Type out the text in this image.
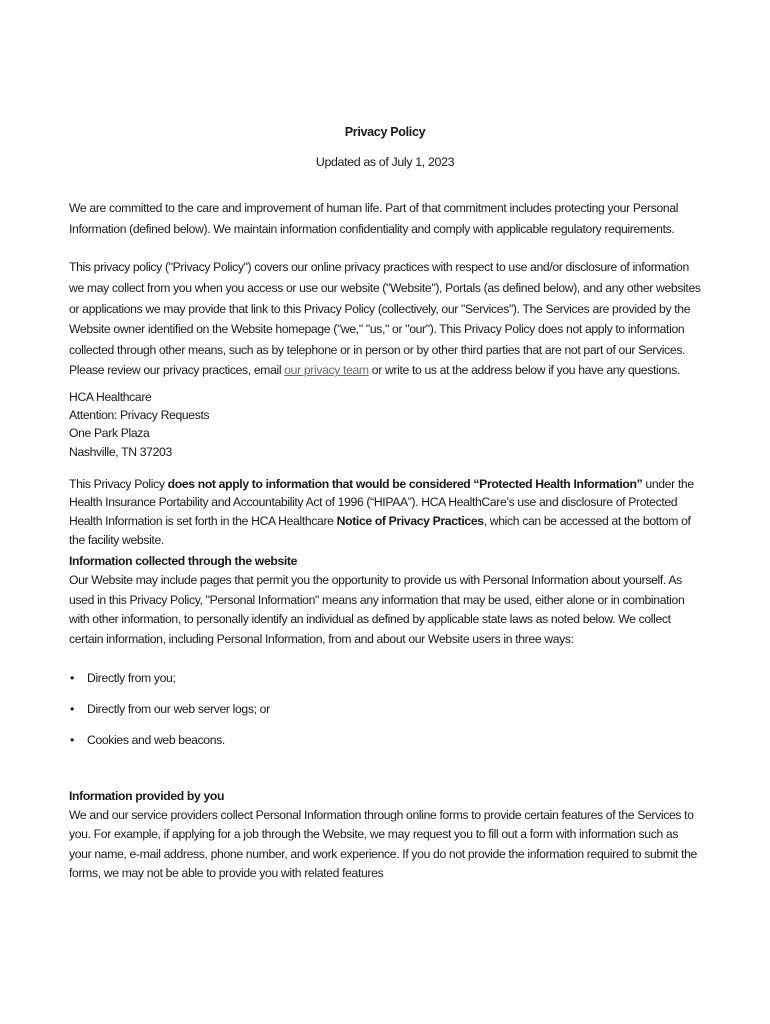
Privacy Policy

Updated as of July 1, 2023

We are committed to the care and improvement of human life. Part of that commitment includes protecting your Personal Information (defined below). We maintain information confidentiality and comply with applicable regulatory requirements.

This privacy policy ("Privacy Policy") covers our online privacy practices with respect to use and/or disclosure of information we may collect from you when you access or use our website ("Website"), Portals (as defined below), and any other websites or applications we may provide that link to this Privacy Policy (collectively, our "Services"). The Services are provided by the Website owner identified on the Website homepage ("we," "us," or "our"). This Privacy Policy does not apply to information collected through other means, such as by telephone or in person or by other third parties that are not part of our Services. Please review our privacy practices, email our privacy team or write to us at the address below if you have any questions.

HCA Healthcare
Attention: Privacy Requests
One Park Plaza
Nashville, TN 37203

This Privacy Policy does not apply to information that would be considered “Protected Health Information” under the Health Insurance Portability and Accountability Act of 1996 (“HIPAA”). HCA HealthCare’s use and disclosure of Protected Health Information is set forth in the HCA Healthcare Notice of Privacy Practices, which can be accessed at the bottom of the facility website.

Information collected through the website

Our Website may include pages that permit you the opportunity to provide us with Personal Information about yourself. As used in this Privacy Policy, "Personal Information" means any information that may be used, either alone or in combination with other information, to personally identify an individual as defined by applicable state laws as noted below. We collect certain information, including Personal Information, from and about our Website users in three ways:

• Directly from you;
• Directly from our web server logs; or
• Cookies and web beacons.
Information provided by you

We and our service providers collect Personal Information through online forms to provide certain features of the Services to you. For example, if applying for a job through the Website, we may request you to fill out a form with information such as your name, e-mail address, phone number, and work experience. If you do not provide the information required to submit the forms, we may not be able to provide you with related features
